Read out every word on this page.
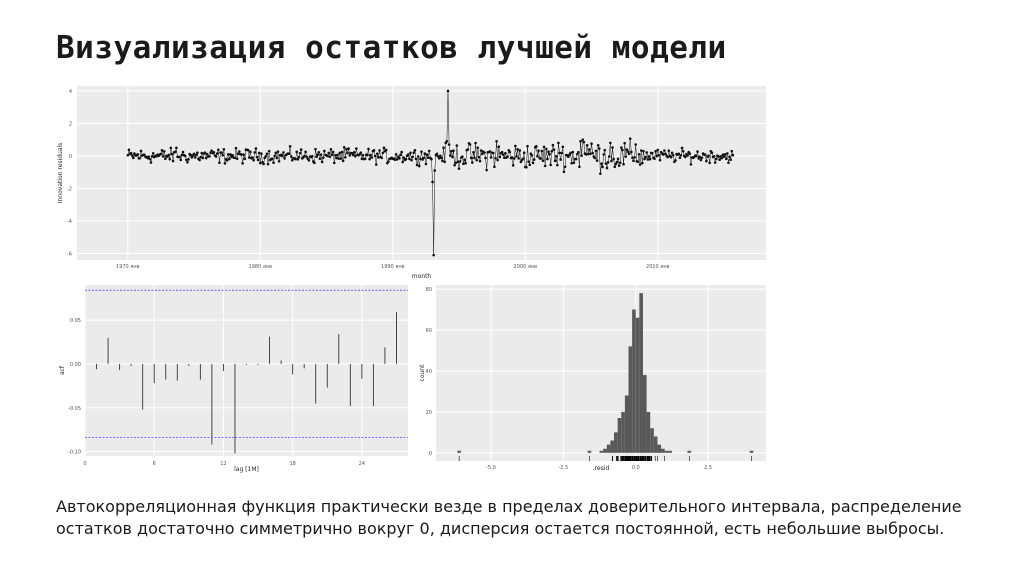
Визуализация остатков лучшей модели
-6
-4
-2
0
2
4
1970 янв	1980 янв	1990 янв	2000 янв	2010 янв
month
Innovation residuals
-0.10
-0.05
0.00
0.05
0	6	12	18	24
lag [1M]
acf
0
20
40
60
80
-5.0	-2.5	0.0	2.5
.resid
count

Автокорреляционная функция практически везде в пределах доверительного интервала, распределение остатков достаточно симметрично вокруг 0, дисперсия остается постоянной, есть небольшие выбросы.
